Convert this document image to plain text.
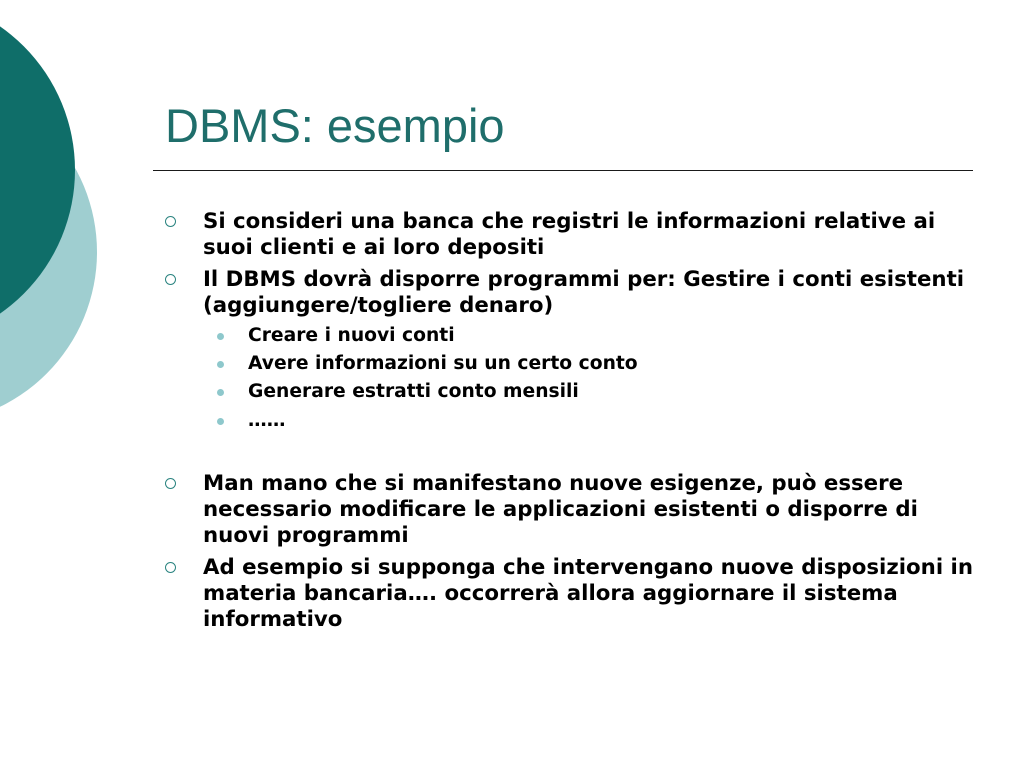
DBMS: esempio
Si consideri una banca che registri le informazioni relative ai suoi clienti e ai loro depositi
Il DBMS dovrà disporre programmi per: Gestire i conti esistenti (aggiungere/togliere denaro)
Creare i nuovi conti
Avere informazioni su un certo conto
Generare estratti conto mensili
……
Man mano che si manifestano nuove esigenze, può essere necessario modificare le applicazioni esistenti o disporre di nuovi programmi
Ad esempio si supponga che intervengano nuove disposizioni in materia bancaria…. occorrerà allora aggiornare il sistema informativo
